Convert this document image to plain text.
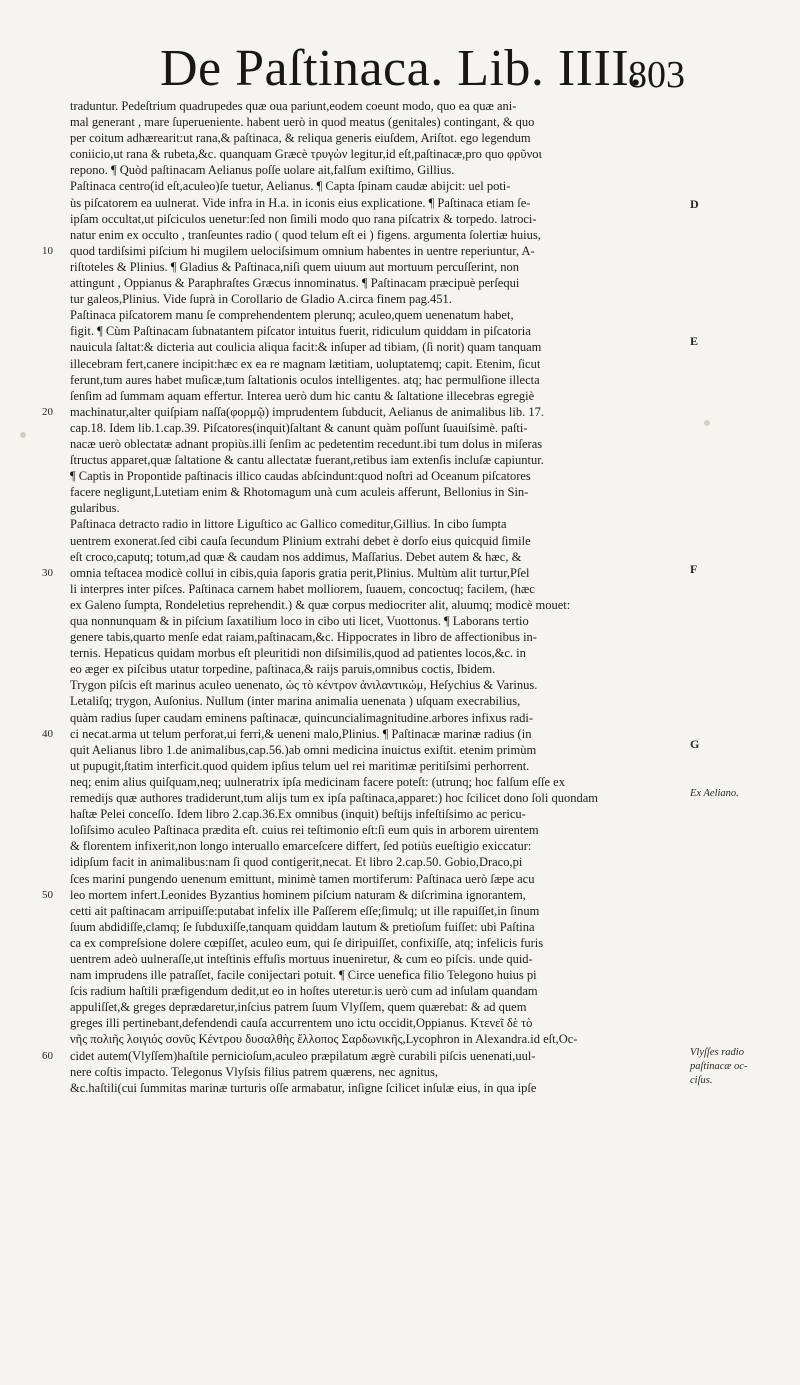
De Paſtinaca. Lib. IIII.
803
traduntur. Pedeſtrium quadrupedes quæ oua pariunt,eodem coeunt modo, quo ea quæ ani-
mal generant , mare ſuperueniente. habent uerò in quod meatus (genitales) contingant, & quo
per coitum adhærearit:ut rana,& paſtinaca, & reliqua generis eiuſdem, Ariſtot. ego legendum
coniicio,ut rana & rubeta,&c. quanquam Græcè τρυγὼν legitur,id eſt,paſtinacæ,pro quo φρῦνοι
repono. ¶ Quòd paſtinacam Aelianus poſſe uolare ait,falſum exiſtimo, Gillius.
Paſtinaca centro(id eſt,aculeo)ſe tuetur, Aelianus. ¶ Capta ſpinam caudæ abijcit: uel poti-
ùs piſcatorem ea uulnerat. Vide infra in H.a. in iconis eius explicatione. ¶ Paſtinaca etiam ſe-
ipſam occultat,ut piſciculos uenetur:ſed non ſimili modo quo rana piſcatrix & torpedo. latroci-
natur enim ex occulto , tranſeuntes radio ( quod telum eſt ei ) figens. argumenta ſolertiæ huius,
10 quod tardiſsimi piſcium hi mugilem uelociſsimum omnium habentes in uentre reperiuntur, A-
riſtoteles & Plinius. ¶ Gladius & Paſtinaca,niſi quem uiuum aut mortuum percuſſerint, non
attingunt , Oppianus & Paraphraſtes Græcus innominatus. ¶ Paſtinacam præcipuè perſequi
tur galeos,Plinius. Vide ſuprà in Corollario de Gladio A.circa finem pag.451.
Paſtinaca piſcatorem manu ſe comprehendentem plerunq; aculeo,quem uenenatum habet,
figit. ¶ Cùm Paſtinacam ſubnatantem piſcator intuitus fuerit, ridiculum quiddam in piſcatoria
nauicula ſaltat:& dicteria aut coulicia aliqua facit:& inſuper ad tibiam, (ſi norit) quam tanquam
illecebram fert,canere incipit:hæc ex ea re magnam lætitiam, uoluptatemq; capit. Etenim, ſicut
ferunt,tum aures habet muſicæ,tum ſaltationis oculos intelligentes. atq; hac permulſione illecta
ſenſim ad ſummam aquam effertur. Interea uerò dum hic cantu & ſaltatione illecebras egregiè
20 machinatur,alter quiſpiam naſſa(φορμῷ) imprudentem ſubducit, Aelianus de animalibus lib. 17.
cap.18. Idem lib.1.cap.39. Piſcatores(inquit)ſaltant & canunt quàm poſſunt ſuauiſsimè. paſti-
nacæ uerò oblectatæ adnant propiùs.illi ſenſim ac pedetentim recedunt.ibi tum dolus in miſeras
ſtructus apparet,quæ ſaltatione & cantu allectatæ fuerant,retibus iam extenſis incluſæ capiuntur.
¶ Captis in Propontide paſtinacis illico caudas abſcindunt:quod noſtri ad Oceanum piſcatores
facere negligunt,Lutetiam enim & Rhotomagum unà cum aculeis afferunt, Bellonius in Sin-
gularibus.
Paſtinaca detracto radio in littore Liguſtico ac Gallico comeditur,Gillius. In cibo ſumpta
uentrem exonerat.ſed cibi cauſa ſecundum Plinium extrahi debet è dorſo eius quicquid ſimile
eſt croco,caputq; totum,ad quæ & caudam nos addimus, Maſſarius. Debet autem & hæc, &
30 omnia teſtacea modicè collui in cibis,quia ſaporis gratia perit,Plinius. Multùm alit turtur,Pſel
li interpres inter piſces. Paſtinaca carnem habet molliorem, ſuauem, concoctuq; facilem, (hæc
ex Galeno ſumpta, Rondeletius reprehendit.) & quæ corpus mediocriter alit, aluumq; modicè mouet:
qua nonnunquam & in piſcium ſaxatilium loco in cibo uti licet, Vuottonus. ¶ Laborans tertio
genere tabis,quarto menſe edat raiam,paſtinacam,&c. Hippocrates in libro de affectionibus in-
ternis. Hepaticus quidam morbus eſt pleuritidi non diſsimilis,quod ad patientes locos,&c. in
eo æger ex piſcibus utatur torpedine, paſtinaca,& raijs paruis,omnibus coctis, Ibidem.
Trygon piſcis eſt marinus aculeo uenenato, ὡς τὸ κέντρον ἀνιλαντικώμ, Heſychius & Varinus.
Letaliſq; trygon, Auſonius. Nullum (inter marina animalia uenenata ) uſquam execrabilius,
quàm radius ſuper caudam eminens paſtinacæ, quincuncialimagnitudine.arbores infixus radi-
40 ci necat.arma ut telum perforat,ui ferri,& ueneni malo,Plinius. ¶ Paſtinacæ marinæ radius (in
quit Aelianus libro 1.de animalibus,cap.56.)ab omni medicina inuictus exiſtit. etenim primùm
ut pupugit,ſtatim interficit.quod quidem ipſius telum uel rei maritimæ peritiſsimi perhorrent.
neq; enim alius quiſquam,neq; uulneratrix ipſa medicinam facere poteſt: (utrunq; hoc falſum eſſe ex
remedijs quæ authores tradiderunt,tum alijs tum ex ipſa paſtinaca,apparet:) hoc ſcilicet dono ſoli quondam
haſtæ Pelei conceſſo. Idem libro 2.cap.36.Ex omnibus (inquit) beſtijs infeſtiſsimo ac pericu-
loſiſsimo aculeo Paſtinaca prædita eſt. cuius rei teſtimonio eſt:ſi eum quis in arborem uirentem
& florentem infixerit,non longo interuallo emarceſcere differt, ſed potiùs eueſtigio exiccatur:
idipſum facit in animalibus:nam ſi quod contigerit,necat. Et libro 2.cap.50. Gobio,Draco,pi
ſces marini pungendo uenenum emittunt, minimè tamen mortiferum: Paſtinaca uerò ſæpe acu
50 leo mortem infert.Leonides Byzantius hominem piſcium naturam & diſcrimina ignorantem,
cetti ait paſtinacam arripuiſſe:putabat infelix ille Paſſerem eſſe;ſimulq; ut ille rapuiſſet,in ſinum
ſuum abdidiſſe,clamq; ſe ſubduxiſſe,tanquam quiddam lautum & pretioſum fuiſſet: ubi Paſtina
ca ex compreſsione dolere cœpiſſet, aculeo eum, qui ſe diripuiſſet, confixiſſe, atq; infelicis furis
uentrem adeò uulneraſſe,ut inteſtinis effuſis mortuus inueniretur, & cum eo piſcis. unde quid-
nam imprudens ille patraſſet, facile conijectari potuit. ¶ Circe uenefica filio Telegono huius pi
ſcis radium haſtili præfigendum dedit,ut eo in hoſtes uteretur.is uerò cum ad inſulam quandam
appuliſſet,& greges deprædaretur,inſcius patrem ſuum Vlyſſem, quem quærebat: & ad quem
greges illi pertinebant,defendendi cauſa accurrentem uno ictu occidit,Oppianus. Κτενεῖ δὲ τὸ
νῆς πολιῆς λοιγιός σονῦς Κέντρου δυσαλθὴς ἔλλοπος Σαρδωνικῆς,Lycophron in Alexandra.id eſt,Oc-
60 cidet autem(Vlyſſem)haſtile pernicioſum,aculeo præpilatum ægrè curabili piſcis uenenati,uul-
nere coſtis impacto. Telegonus Vlyſsis filius patrem quærens, nec agnitus,
&c.haſtili(cui ſummitas marinæ turturis oſſe armabatur, inſigne ſcilicet inſulæ eius, in qua ipſe
D
E
F
G
Ex Aeliano.
Vlyſſes radio
paſtinacæ oc-
ciſus.
